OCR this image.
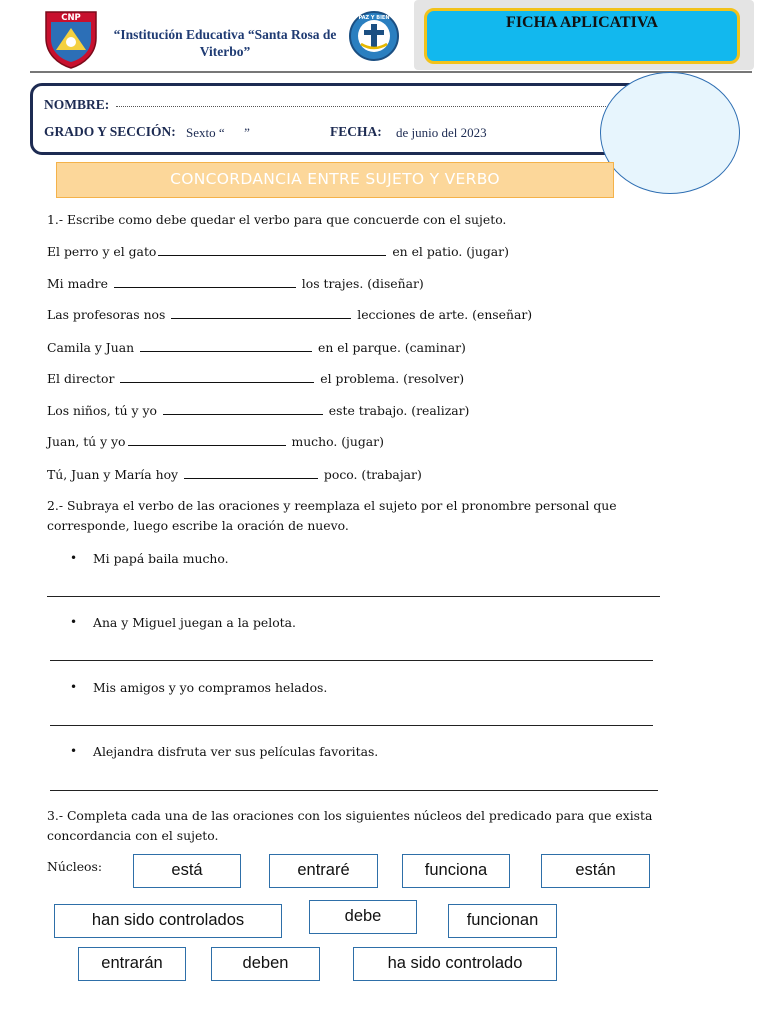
CNP
“Institución Educativa “Santa Rosa de Viterbo”
PAZ Y BIEN	FICHA APLICATIVA
NOMBRE:
GRADO Y SECCIÓN: Sexto “      ”	FECHA: de junio del 2023
CONCORDANCIA ENTRE SUJETO Y VERBO
1.- Escribe como debe quedar el verbo para que concuerde con el sujeto.
El perro y el gato	en el patio. (jugar)
Mi madre	los trajes. (diseñar)
Las profesoras nos	lecciones de arte. (enseñar)
Camila y Juan	en el parque. (caminar)
El director	el problema. (resolver)
Los niños, tú y yo	este trabajo. (realizar)
Juan, tú y yo	mucho. (jugar)
Tú, Juan y María hoy	poco. (trabajar)
2.- Subraya el verbo de las oraciones y reemplaza el sujeto por el pronombre personal que
corresponde, luego escribe la oración de nuevo.
• Mi papá baila mucho.
• Ana y Miguel juegan a la pelota.
• Mis amigos y yo compramos helados.
• Alejandra disfruta ver sus películas favoritas.
3.- Completa cada una de las oraciones con los siguientes núcleos del predicado para que exista
concordancia con el sujeto.
Núcleos:	está	entraré	funciona	están
han sido controlados	debe	funcionan
entrarán	deben	ha sido controlado
